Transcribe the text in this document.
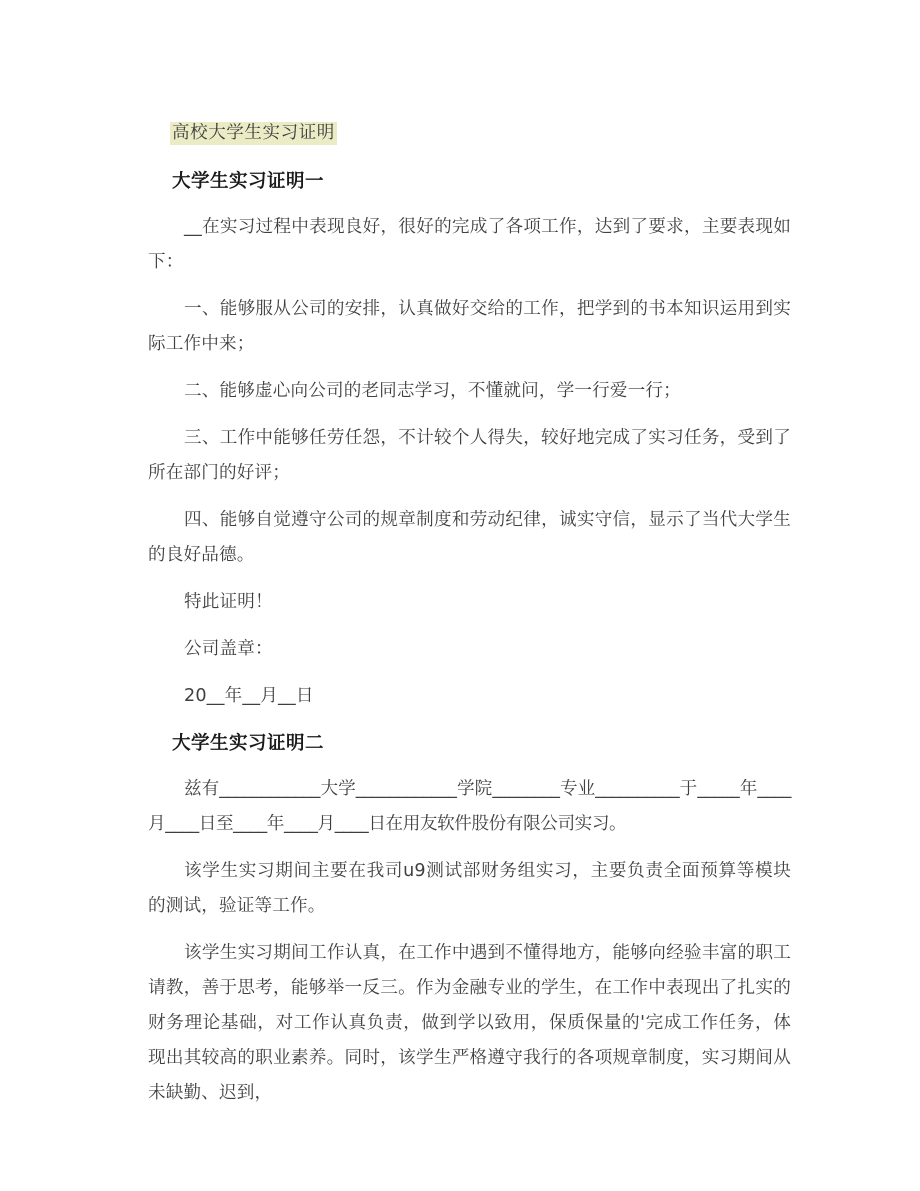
高校大学生实习证明
大学生实习证明一

__在实习过程中表现良好，很好的完成了各项工作，达到了要求，主要表现如下：

一、能够服从公司的安排，认真做好交给的工作，把学到的书本知识运用到实际工作中来；

二、能够虚心向公司的老同志学习，不懂就问，学一行爱一行；

三、工作中能够任劳任怨，不计较个人得失，较好地完成了实习任务，受到了所在部门的好评；

四、能够自觉遵守公司的规章制度和劳动纪律，诚实守信，显示了当代大学生的良好品德。

特此证明！
公司盖章：
20__年__月__日
大学生实习证明二

兹有____________大学____________学院________专业__________于_____年____月____日至____年____月____日在用友软件股份有限公司实习。

该学生实习期间主要在我司u9测试部财务组实习，主要负责全面预算等模块的测试，验证等工作。

该学生实习期间工作认真，在工作中遇到不懂得地方，能够向经验丰富的职工请教，善于思考，能够举一反三。作为金融专业的学生，在工作中表现出了扎实的财务理论基础，对工作认真负责，做到学以致用，保质保量的'完成工作任务，体现出其较高的职业素养。同时，该学生严格遵守我行的各项规章制度，实习期间从未缺勤、迟到，
